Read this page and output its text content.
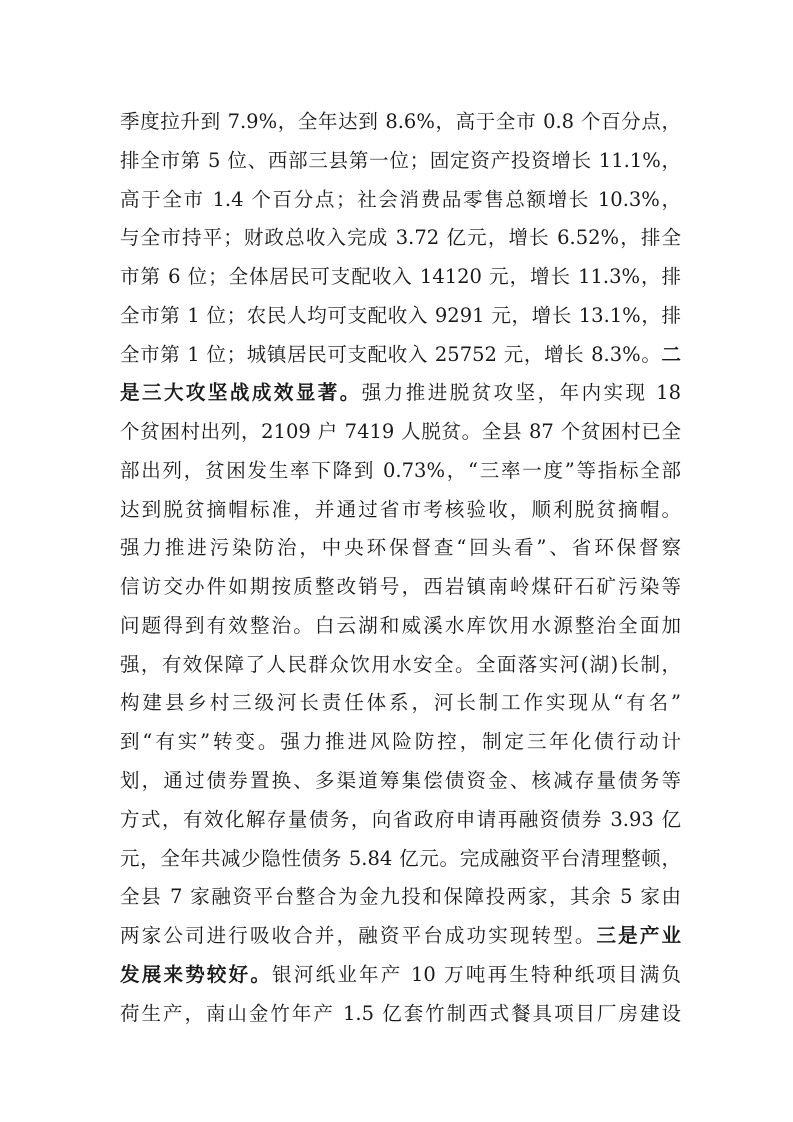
季度拉升到 7.9%，全年达到 8.6%，高于全市 0.8 个百分点，
排全市第 5 位、西部三县第一位；固定资产投资增长 11.1%，
高于全市 1.4 个百分点；社会消费品零售总额增长 10.3%，
与全市持平；财政总收入完成 3.72 亿元，增长 6.52%，排全
市第 6 位；全体居民可支配收入 14120 元，增长 11.3%，排
全市第 1 位；农民人均可支配收入 9291 元，增长 13.1%，排
全市第 1 位；城镇居民可支配收入 25752 元，增长 8.3%。二
是三大攻坚战成效显著。强力推进脱贫攻坚，年内实现 18
个贫困村出列，2109 户 7419 人脱贫。全县 87 个贫困村已全
部出列，贫困发生率下降到 0.73%，“三率一度”等指标全部
达到脱贫摘帽标准，并通过省市考核验收，顺利脱贫摘帽。
强力推进污染防治，中央环保督查“回头看”、省环保督察
信访交办件如期按质整改销号，西岩镇南岭煤矸石矿污染等
问题得到有效整治。白云湖和威溪水库饮用水源整治全面加
强，有效保障了人民群众饮用水安全。全面落实河(湖)长制，
构建县乡村三级河长责任体系，河长制工作实现从“有名”
到“有实”转变。强力推进风险防控，制定三年化债行动计
划，通过债券置换、多渠道筹集偿债资金、核减存量债务等
方式，有效化解存量债务，向省政府申请再融资债券 3.93 亿
元，全年共减少隐性债务 5.84 亿元。完成融资平台清理整顿，
全县 7 家融资平台整合为金九投和保障投两家，其余 5 家由
两家公司进行吸收合并，融资平台成功实现转型。三是产业
发展来势较好。银河纸业年产 10 万吨再生特种纸项目满负
荷生产，南山金竹年产 1.5 亿套竹制西式餐具项目厂房建设
